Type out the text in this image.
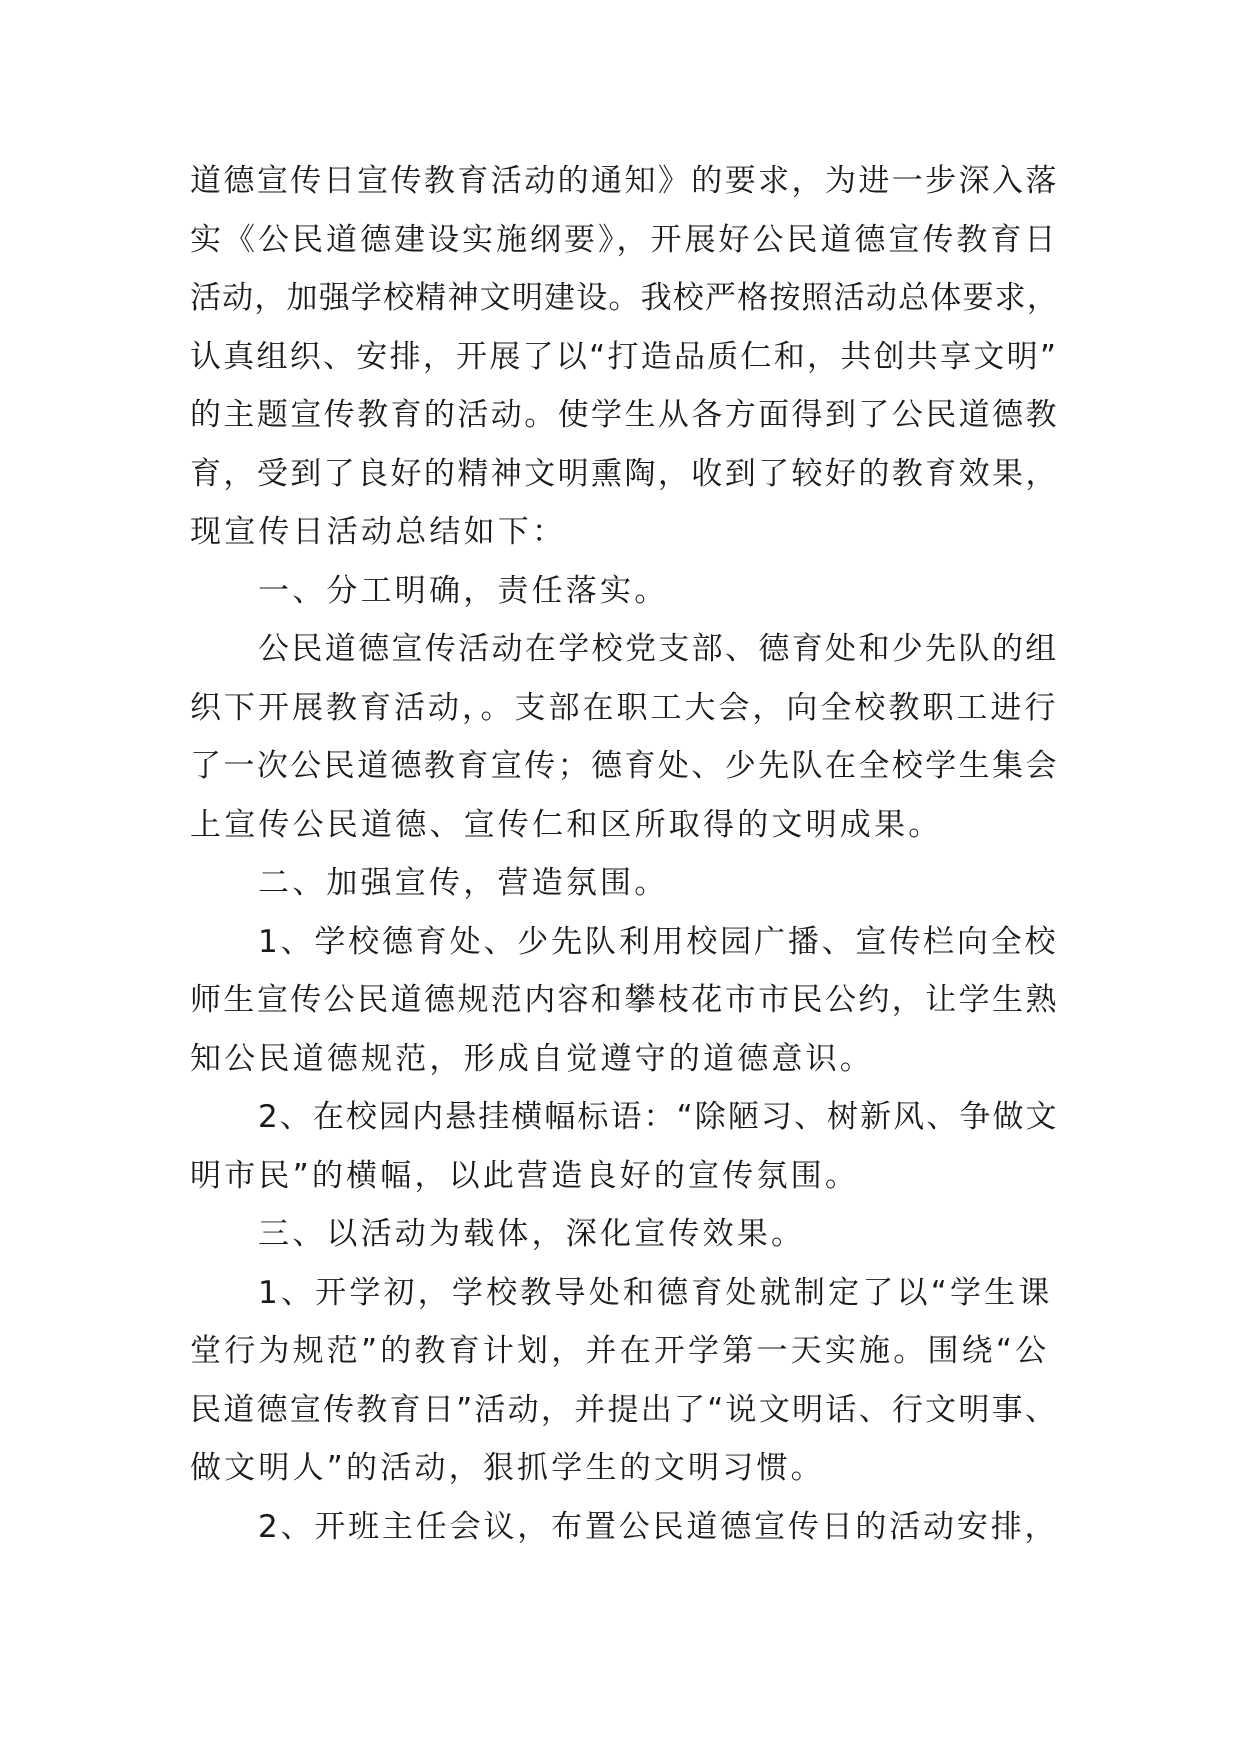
道德宣传日宣传教育活动的通知》的要求，为进一步深入落
实《公民道德建设实施纲要》，开展好公民道德宣传教育日
活动，加强学校精神文明建设。我校严格按照活动总体要求，
认真组织、安排，开展了以“打造品质仁和，共创共享文明”
的主题宣传教育的活动。使学生从各方面得到了公民道德教
育，受到了良好的精神文明熏陶，收到了较好的教育效果，
现宣传日活动总结如下：
一、分工明确，责任落实。
公民道德宣传活动在学校党支部、德育处和少先队的组
织下开展教育活动，。支部在职工大会，向全校教职工进行
了一次公民道德教育宣传；德育处、少先队在全校学生集会
上宣传公民道德、宣传仁和区所取得的文明成果。
二、加强宣传，营造氛围。
1、学校德育处、少先队利用校园广播、宣传栏向全校
师生宣传公民道德规范内容和攀枝花市市民公约，让学生熟
知公民道德规范，形成自觉遵守的道德意识。
2、在校园内悬挂横幅标语：“除陋习、树新风、争做文
明市民”的横幅，以此营造良好的宣传氛围。
三、以活动为载体，深化宣传效果。
1、开学初，学校教导处和德育处就制定了以“学生课
堂行为规范”的教育计划，并在开学第一天实施。围绕“公
民道德宣传教育日”活动，并提出了“说文明话、行文明事、
做文明人”的活动，狠抓学生的文明习惯。
2、开班主任会议，布置公民道德宣传日的活动安排，
